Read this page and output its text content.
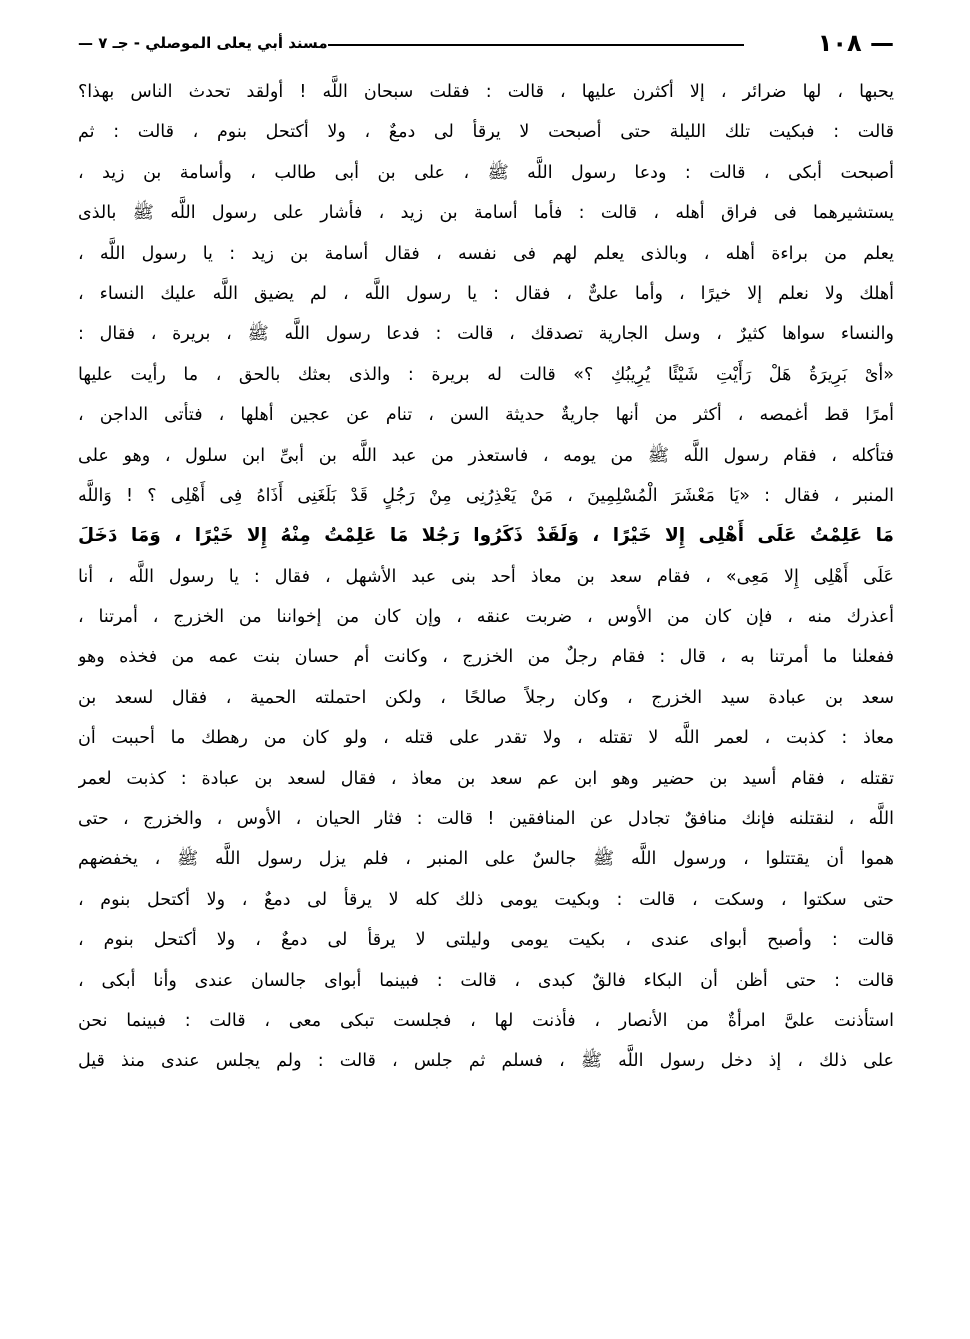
— ١٠٨
مسند أبي يعلى الموصلي - جـ ٧ —
يحبها ، لها ضرائر ، إلا أكثرن عليها ، قالت : فقلت سبحان اللَّه ! أولقد تحدث الناس بهذا؟
قالت : فبكيت تلك الليلة حتى أصبحت لا يرقأ لى دمعٌ ، ولا أكتحل بنوم ، قالت : ثم
أصبحت أبكى ، قالت : ودعا رسول اللَّه ﷺ ، على بن أبى طالب ، وأسامة بن زيد ،
يستشيرهما فى فراق أهله ، قالت : فأما أسامة بن زيد ، فأشار على رسول اللَّه ﷺ بالذى
يعلم من براءة أهله ، وبالذى يعلم لهم فى نفسه ، فقال أسامة بن زيد : يا رسول اللَّه ،
أهلك ولا نعلم إلا خيرًا ، وأما علىٌّ ، فقال : يا رسول اللَّه ، لم يضيق اللَّه عليك النساء ،
والنساء سواها كثيرٌ ، وسل الجارية تصدقك ، قالت : فدعا رسول اللَّه ﷺ ، بريرة ، فقال :
«أىْ بَرِيرَةُ هَلْ رَأَيْتِ شَيْئًا يُرِيبُكِ ؟» قالت له بريرة : والذى بعثك بالحق ، ما رأيت عليها
أمرًا قط أغمصه ، أكثر من أنها جاريةٌ حديثة السن ، تنام عن عجين أهلها ، فتأتى الداجن ،
فتأكله ، فقام رسول اللَّه ﷺ من يومه ، فاستعذر من عبد اللَّه بن أبىِّ ابن سلول ، وهو على
المنبر ، فقال : «يَا مَعْشَرَ الْمُسْلِمِينَ ، مَنْ يَعْذِرُنِى مِنْ رَجُلٍ قَدْ بَلَغَنِى أَذَاهُ فِى أَهْلِى ؟ ! وَاللَّه
مَا عَلِمْتُ عَلَى أَهْلِى إِلا خَيْرًا ، وَلَقَدْ ذَكَرُوا رَجُلا مَا عَلِمْتُ مِنْهُ إِلا خَيْرًا ، وَمَا دَخَلَ
عَلَى أَهْلِى إِلا مَعِى» ، فقام سعد بن معاذ أحد بنى عبد الأشهل ، فقال : يا رسول اللَّه ، أنا
أعذرك منه ، فإن كان من الأوس ، ضربت عنقه ، وإن كان من إخواننا من الخزرج ، أمرتنا ،
ففعلنا ما أمرتنا به ، قال : فقام رجلٌ من الخزرج ، وكانت أم حسان بنت عمه من فخذه وهو
سعد بن عبادة سيد الخزرج ، وكان رجلاً صالحًا ، ولكن احتملته الحمية ، فقال لسعد بن
معاذ : كذبت ، لعمر اللَّه لا تقتله ، ولا تقدر على قتله ، ولو كان من رهطك ما أحببت أن
تقتله ، فقام أسيد بن حضير وهو ابن عم سعد بن معاذ ، فقال لسعد بن عبادة : كذبت لعمر
اللَّه ، لنقتلنه فإنك منافقٌ تجادل عن المنافقين ! قالت : فثار الحيان ، الأوس ، والخزرج ، حتى
هموا أن يقتتلوا ، ورسول اللَّه ﷺ جالسٌ على المنبر ، فلم يزل رسول اللَّه ﷺ ، يخفضهم
حتى سكتوا ، وسكت ، قالت : وبكيت يومى ذلك كله لا يرقأ لى دمعٌ ، ولا أكتحل بنوم ،
قالت : وأصبح أبواى عندى ، بكيت يومى وليلتى لا يرقأ لى دمعٌ ، ولا أكتحل بنوم ،
قالت : حتى أظن أن البكاء فالقٌ كبدى ، قالت : فبينما أبواى جالسان عندى وأنا أبكى ،
استأذنت علىَّ امرأةٌ من الأنصار ، فأذنت لها ، فجلست تبكى معى ، قالت : فبينما نحن
على ذلك ، إذ دخل رسول اللَّه ﷺ ، فسلم ثم جلس ، قالت : ولم يجلس عندى منذ قيل
